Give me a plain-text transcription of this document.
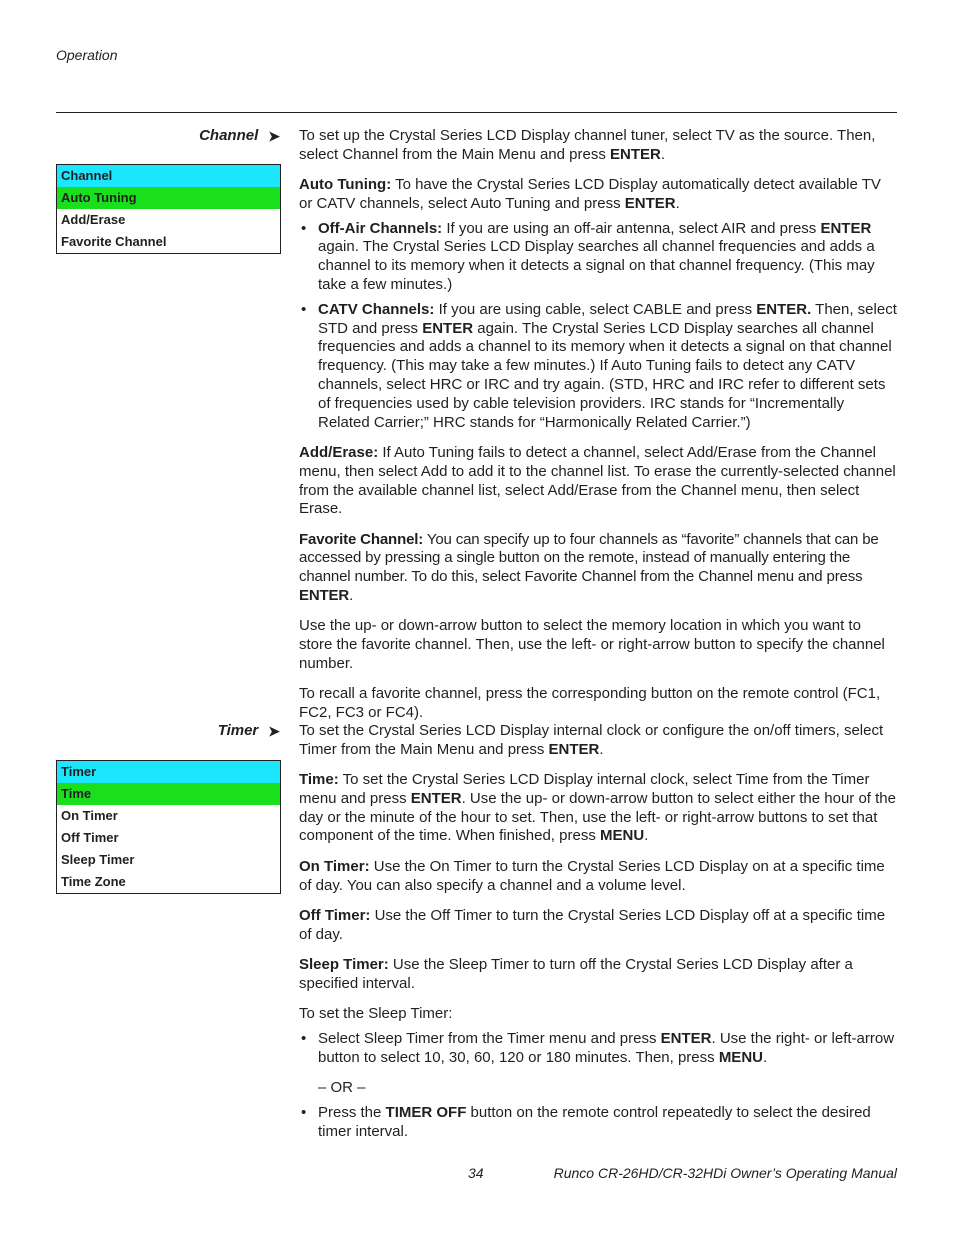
Operation
Channel ➤
Channel
Auto Tuning
Add/Erase
Favorite Channel

To set up the Crystal Series LCD Display channel tuner, select TV as the source. Then, select Channel from the Main Menu and press ENTER.

Auto Tuning: To have the Crystal Series LCD Display automatically detect available TV or CATV channels, select Auto Tuning and press ENTER.

• Off-Air Channels: If you are using an off-air antenna, select AIR and press ENTER again. The Crystal Series LCD Display searches all channel frequencies and adds a channel to its memory when it detects a signal on that channel frequency. (This may take a few minutes.)
• CATV Channels: If you are using cable, select CABLE and press ENTER. Then, select STD and press ENTER again. The Crystal Series LCD Display searches all channel frequencies and adds a channel to its memory when it detects a signal on that channel frequency. (This may take a few minutes.) If Auto Tuning fails to detect any CATV channels, select HRC or IRC and try again. (STD, HRC and IRC refer to different sets of frequencies used by cable television providers. IRC stands for “Incrementally Related Carrier;” HRC stands for “Harmonically Related Carrier.”)

Add/Erase: If Auto Tuning fails to detect a channel, select Add/Erase from the Channel menu, then select Add to add it to the channel list. To erase the currently-selected channel from the available channel list, select Add/Erase from the Channel menu, then select Erase.

Favorite Channel: You can specify up to four channels as “favorite” channels that can be accessed by pressing a single button on the remote, instead of manually entering the channel number. To do this, select Favorite Channel from the Channel menu and press ENTER.

Use the up- or down-arrow button to select the memory location in which you want to store the favorite channel. Then, use the left- or right-arrow button to specify the channel number.

To recall a favorite channel, press the corresponding button on the remote control (FC1, FC2, FC3 or FC4).

Timer ➤
Timer
Time
On Timer
Off Timer
Sleep Timer
Time Zone

To set the Crystal Series LCD Display internal clock or configure the on/off timers, select Timer from the Main Menu and press ENTER.

Time: To set the Crystal Series LCD Display internal clock, select Time from the Timer menu and press ENTER. Use the up- or down-arrow button to select either the hour of the day or the minute of the hour to set. Then, use the left- or right-arrow buttons to set that component of the time. When finished, press MENU.

On Timer: Use the On Timer to turn the Crystal Series LCD Display on at a specific time of day. You can also specify a channel and a volume level.

Off Timer: Use the Off Timer to turn the Crystal Series LCD Display off at a specific time of day.

Sleep Timer: Use the Sleep Timer to turn off the Crystal Series LCD Display after a specified interval.

To set the Sleep Timer:

• Select Sleep Timer from the Timer menu and press ENTER. Use the right- or left-arrow button to select 10, 30, 60, 120 or 180 minutes. Then, press MENU.
– OR –
• Press the TIMER OFF button on the remote control repeatedly to select the desired timer interval.
34	Runco CR-26HD/CR-32HDi Owner’s Operating Manual
